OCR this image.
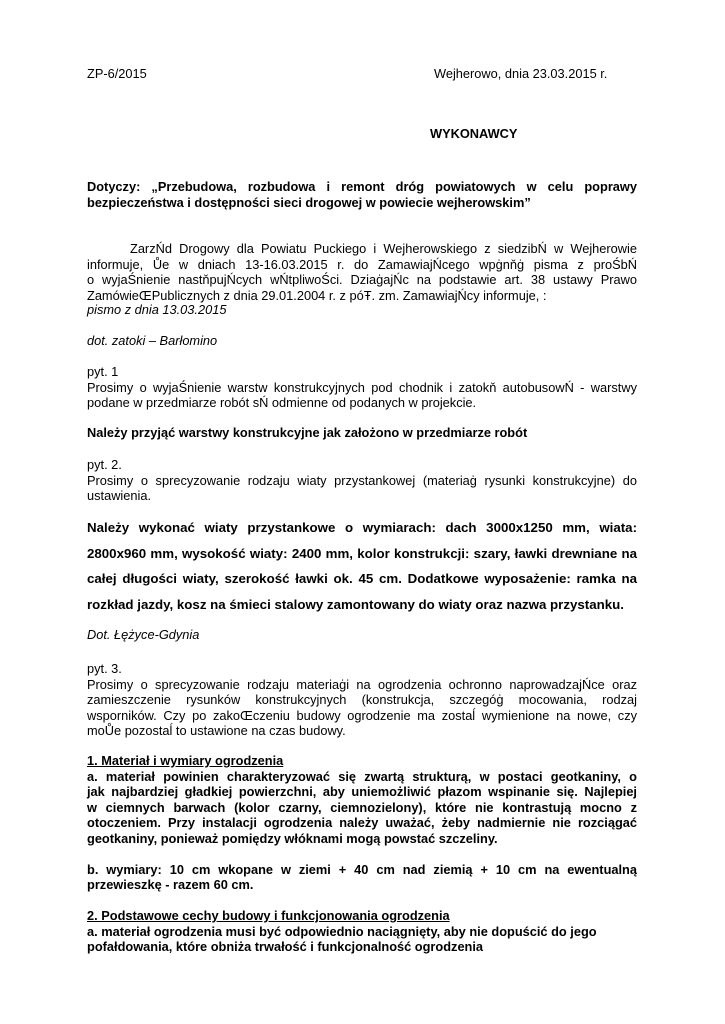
ZP-6/2015	Wejherowo, dnia 23.03.2015 r.
WYKONAWCY
Dotyczy: „Przebudowa, rozbudowa i remont dróg powiatowych w celu poprawy
bezpieczeństwa i dostępności sieci drogowej w powiecie wejherowskim”
ZarzŃd Drogowy dla Powiatu Puckiego i Wejherowskiego z siedzibŃ w Wejherowie
informuje, Ůe w dniach 13-16.03.2015 r. do ZamawiajŃcego wpġnňġ pisma z proŚbŃ
o wyjaŚnienie nastňpujŃcych wŃtpliwoŚci. DziaġajŃc na podstawie art. 38 ustawy Prawo
ZamówieŒPublicznych z dnia 29.01.2004 r. z póŦ. zm. ZamawiajŃcy informuje, :
pismo z dnia 13.03.2015
dot. zatoki – Barłomino
pyt. 1
Prosimy o wyjaŚnienie warstw konstrukcyjnych pod chodnik i zatokň autobusowŃ - warstwy
podane w przedmiarze robót sŃ odmienne od podanych w projekcie.
Należy przyjąć warstwy konstrukcyjne jak założono w przedmiarze robót
pyt. 2.
Prosimy o sprecyzowanie rodzaju wiaty przystankowej (materiaġ rysunki konstrukcyjne) do
ustawienia.
Należy wykonać wiaty przystankowe o wymiarach: dach 3000x1250 mm, wiata:
2800x960 mm, wysokość wiaty: 2400 mm, kolor konstrukcji: szary, ławki drewniane na
całej długości wiaty, szerokość ławki ok. 45 cm. Dodatkowe wyposażenie: ramka na
rozkład jazdy, kosz na śmieci stalowy zamontowany do wiaty oraz nazwa przystanku.
Dot. Łężyce-Gdynia
pyt. 3.
Prosimy o sprecyzowanie rodzaju materiaġi na ogrodzenia ochronno naprowadzajŃce oraz
zamieszczenie rysunków konstrukcyjnych (konstrukcja, szczegóġ mocowania, rodzaj
wsporników. Czy po zakoŒczeniu budowy ogrodzenie ma zostaĺ wymienione na nowe, czy
moŮe pozostaĺ to ustawione na czas budowy.
1. Materiał i wymiary ogrodzenia
a. materiał powinien charakteryzować się zwartą strukturą, w postaci geotkaniny, o
jak najbardziej gładkiej powierzchni, aby uniemożliwić płazom wspinanie się. Najlepiej
w ciemnych barwach (kolor czarny, ciemnozielony), które nie kontrastują mocno z
otoczeniem. Przy instalacji ogrodzenia należy uważać, żeby nadmiernie nie rozciągać
geotkaniny, ponieważ pomiędzy włóknami mogą powstać szczeliny.
b. wymiary: 10 cm wkopane w ziemi + 40 cm nad ziemią + 10 cm na ewentualną
przewieszkę - razem 60 cm.
2. Podstawowe cechy budowy i funkcjonowania ogrodzenia
a. materiał ogrodzenia musi być odpowiednio naciągnięty, aby nie dopuścić do jego
pofałdowania, które obniża trwałość i funkcjonalność ogrodzenia
